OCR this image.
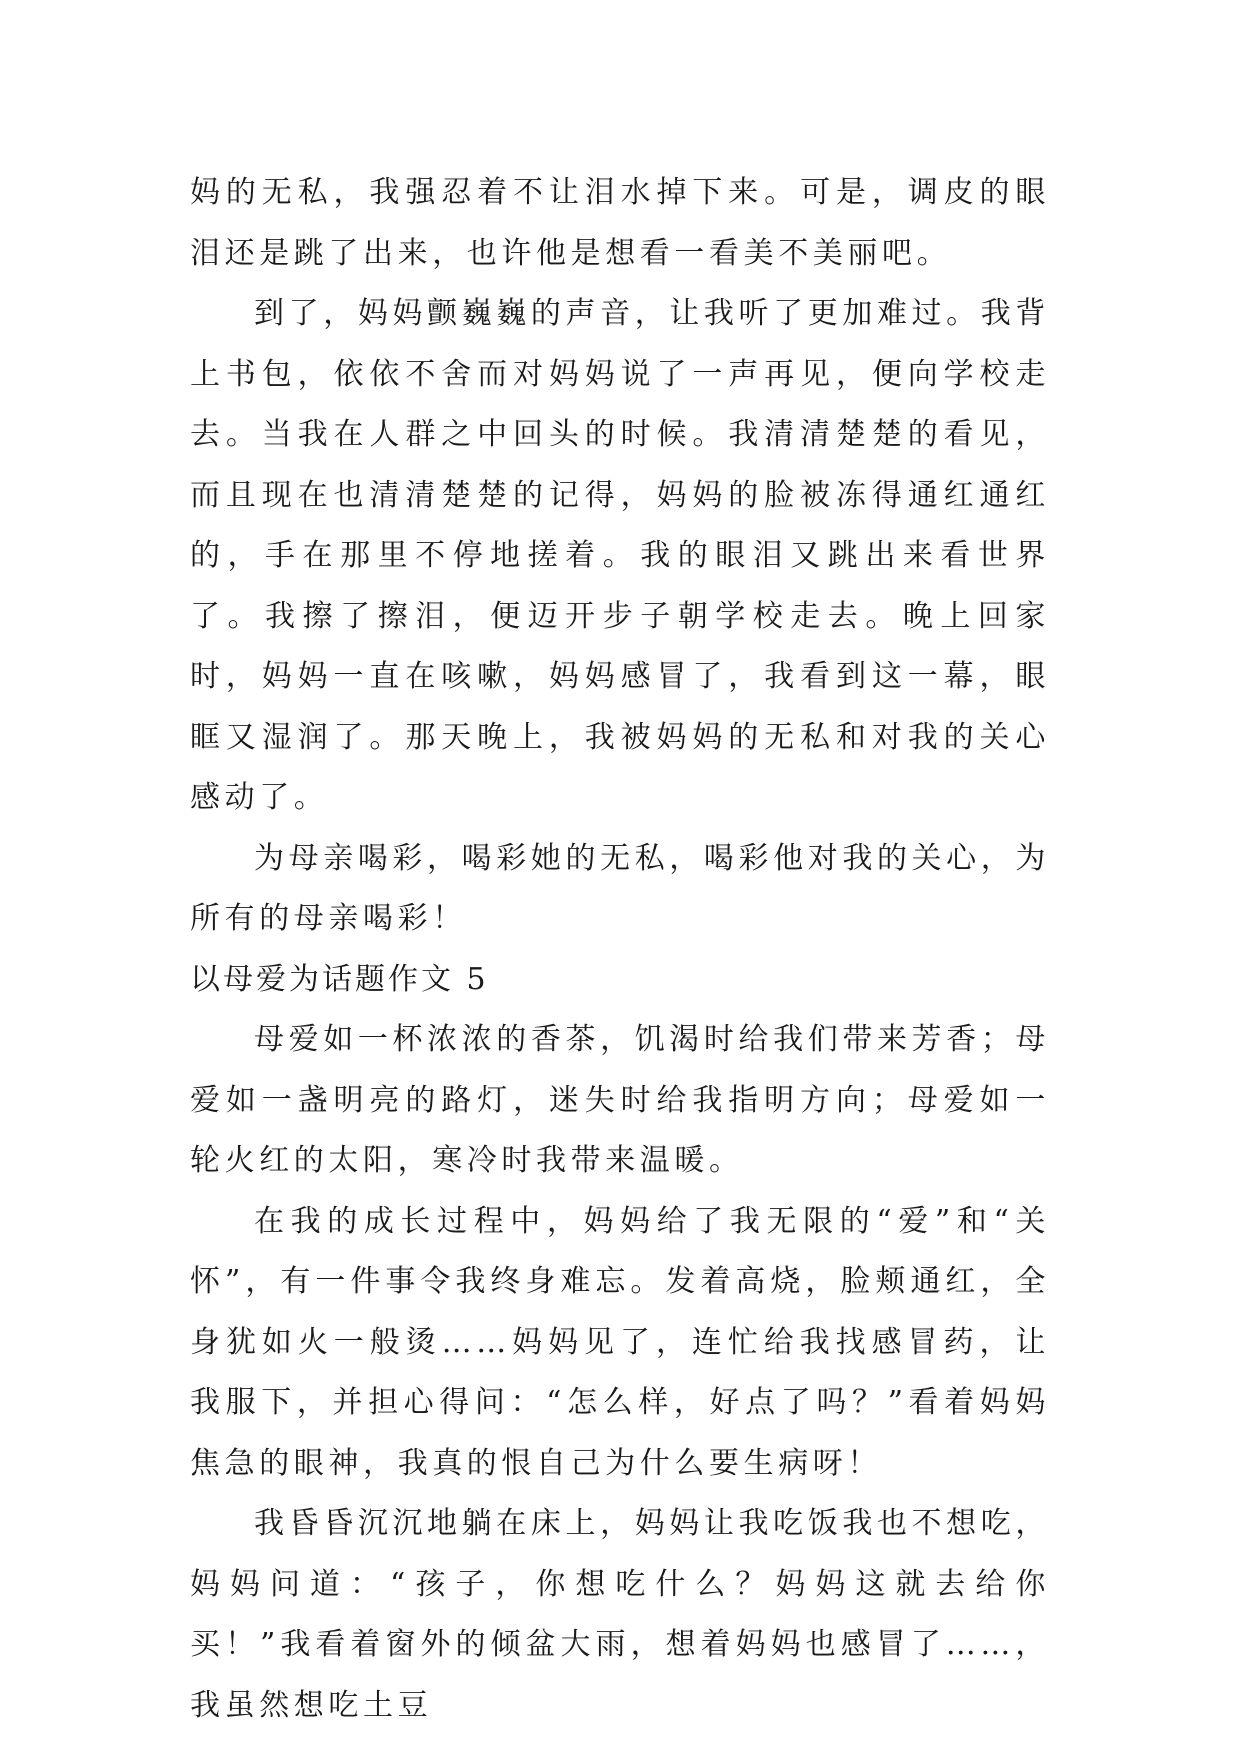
妈的无私，我强忍着不让泪水掉下来。可是，调皮的眼泪还是跳了出来，也许他是想看一看美不美丽吧。

到了，妈妈颤巍巍的声音，让我听了更加难过。我背上书包，依依不舍而对妈妈说了一声再见，便向学校走去。当我在人群之中回头的时候。我清清楚楚的看见，而且现在也清清楚楚的记得，妈妈的脸被冻得通红通红的，手在那里不停地搓着。我的眼泪又跳出来看世界了。我擦了擦泪，便迈开步子朝学校走去。晚上回家时，妈妈一直在咳嗽，妈妈感冒了，我看到这一幕，眼眶又湿润了。那天晚上，我被妈妈的无私和对我的关心感动了。

为母亲喝彩，喝彩她的无私，喝彩他对我的关心，为所有的母亲喝彩！

以母爱为话题作文 5

母爱如一杯浓浓的香茶，饥渴时给我们带来芳香；母爱如一盏明亮的路灯，迷失时给我指明方向；母爱如一轮火红的太阳，寒冷时我带来温暖。

在我的成长过程中，妈妈给了我无限的“爱”和“关怀”，有一件事令我终身难忘。发着高烧，脸颊通红，全身犹如火一般烫……妈妈见了，连忙给我找感冒药，让我服下，并担心得问：“怎么样，好点了吗？”看着妈妈焦急的眼神，我真的恨自己为什么要生病呀！

我昏昏沉沉地躺在床上，妈妈让我吃饭我也不想吃，妈妈问道：“孩子，你想吃什么？妈妈这就去给你买！”我看着窗外的倾盆大雨，想着妈妈也感冒了……，我虽然想吃土豆
